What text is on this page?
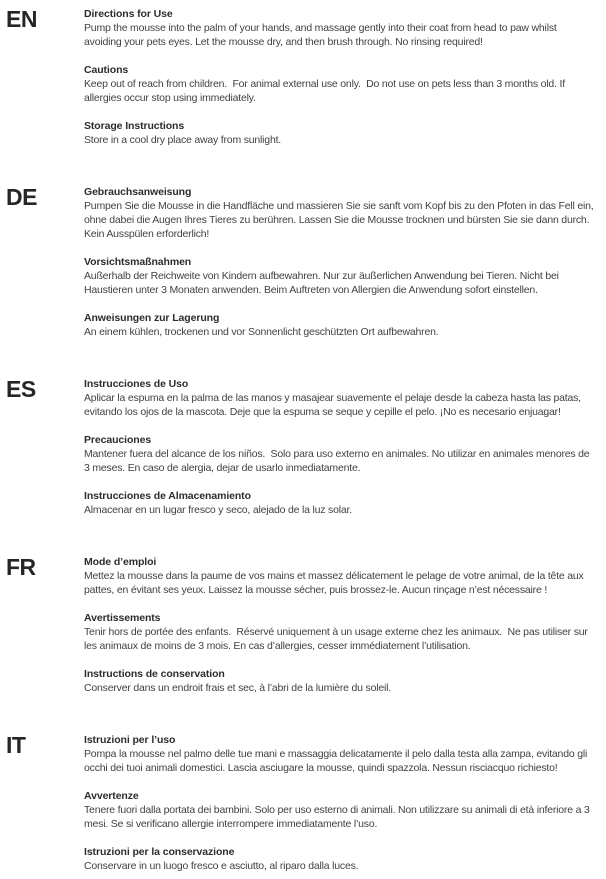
EN	Directions for Use

Pump the mousse into the palm of your hands, and massage gently into their coat from head to paw whilst avoiding your pets eyes. Let the mousse dry, and then brush through. No rinsing required!

Cautions

Keep out of reach from children.  For animal external use only.  Do not use on pets less than 3 months old. If allergies occur stop using immediately.

Storage Instructions

Store in a cool dry place away from sunlight.

DE	Gebrauchsanweisung

Pumpen Sie die Mousse in die Handfläche und massieren Sie sie sanft vom Kopf bis zu den Pfoten in das Fell ein, ohne dabei die Augen Ihres Tieres zu berühren. Lassen Sie die Mousse trocknen und bürsten Sie sie dann durch. Kein Ausspülen erforderlich!

Vorsichtsmaßnahmen

Außerhalb der Reichweite von Kindern aufbewahren. Nur zur äußerlichen Anwendung bei Tieren. Nicht bei Haustieren unter 3 Monaten anwenden. Beim Auftreten von Allergien die Anwendung sofort einstellen.

Anweisungen zur Lagerung

An einem kühlen, trockenen und vor Sonnenlicht geschützten Ort aufbewahren.

ES	Instrucciones de Uso

Aplicar la espuma en la palma de las manos y masajear suavemente el pelaje desde la cabeza hasta las patas, evitando los ojos de la mascota. Deje que la espuma se seque y cepille el pelo. ¡No es necesario enjuagar!

Precauciones

Mantener fuera del alcance de los niños.  Solo para uso externo en animales. No utilizar en animales menores de 3 meses. En caso de alergia, dejar de usarlo inmediatamente.

Instrucciones de Almacenamiento

Almacenar en un lugar fresco y seco, alejado de la luz solar.

FR	Mode d’emploi

Mettez la mousse dans la paume de vos mains et massez délicatement le pelage de votre animal, de la tête aux pattes, en évitant ses yeux. Laissez la mousse sécher, puis brossez-le. Aucun rinçage n’est nécessaire !

Avertissements

Tenir hors de portée des enfants.  Réservé uniquement à un usage externe chez les animaux.  Ne pas utiliser sur les animaux de moins de 3 mois. En cas d’allergies, cesser immédiatement l’utilisation.

Instructions de conservation

Conserver dans un endroit frais et sec, à l’abri de la lumière du soleil.

IT	Istruzioni per l’uso

Pompa la mousse nel palmo delle tue mani e massaggia delicatamente il pelo dalla testa alla zampa, evitando gli occhi dei tuoi animali domestici. Lascia asciugare la mousse, quindi spazzola. Nessun risciacquo richiesto!

Avvertenze

Tenere fuori dalla portata dei bambini. Solo per uso esterno di animali. Non utilizzare su animali di età inferiore a 3 mesi. Se si verificano allergie interrompere immediatamente l’uso.

Istruzioni per la conservazione

Conservare in un luogo fresco e asciutto, al riparo dalla luces.
